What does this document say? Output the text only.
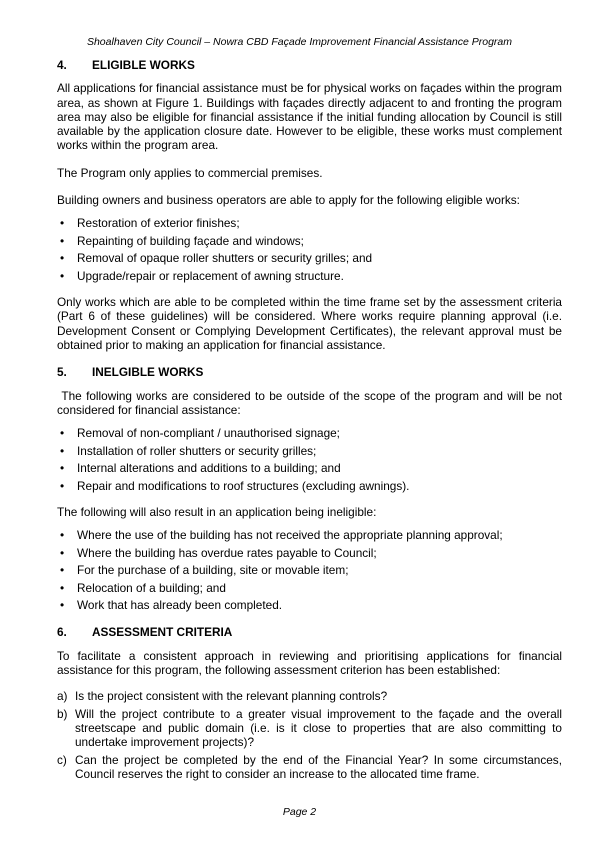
Shoalhaven City Council – Nowra CBD Façade Improvement Financial Assistance Program
4.	ELIGIBLE WORKS

All applications for financial assistance must be for physical works on façades within the program area, as shown at Figure 1. Buildings with façades directly adjacent to and fronting the program area may also be eligible for financial assistance if the initial funding allocation by Council is still available by the application closure date. However to be eligible, these works must complement works within the program area.

The Program only applies to commercial premises.

Building owners and business operators are able to apply for the following eligible works:

• Restoration of exterior finishes;
• Repainting of building façade and windows;
• Removal of opaque roller shutters or security grilles; and
• Upgrade/repair or replacement of awning structure.

Only works which are able to be completed within the time frame set by the assessment criteria (Part 6 of these guidelines) will be considered. Where works require planning approval (i.e. Development Consent or Complying Development Certificates), the relevant approval must be obtained prior to making an application for financial assistance.

5.	INELGIBLE WORKS

The following works are considered to be outside of the scope of the program and will be not considered for financial assistance:

• Removal of non-compliant / unauthorised signage;
• Installation of roller shutters or security grilles;
• Internal alterations and additions to a building; and
• Repair and modifications to roof structures (excluding awnings).

The following will also result in an application being ineligible:

• Where the use of the building has not received the appropriate planning approval;
• Where the building has overdue rates payable to Council;
• For the purchase of a building, site or movable item;
• Relocation of a building; and
• Work that has already been completed.
6.	ASSESSMENT CRITERIA

To facilitate a consistent approach in reviewing and prioritising applications for financial assistance for this program, the following assessment criterion has been established:

a) Is the project consistent with the relevant planning controls?
b) Will the project contribute to a greater visual improvement to the façade and the overall streetscape and public domain (i.e. is it close to properties that are also committing to undertake improvement projects)?
c) Can the project be completed by the end of the Financial Year? In some circumstances, Council reserves the right to consider an increase to the allocated time frame.
Page 2
